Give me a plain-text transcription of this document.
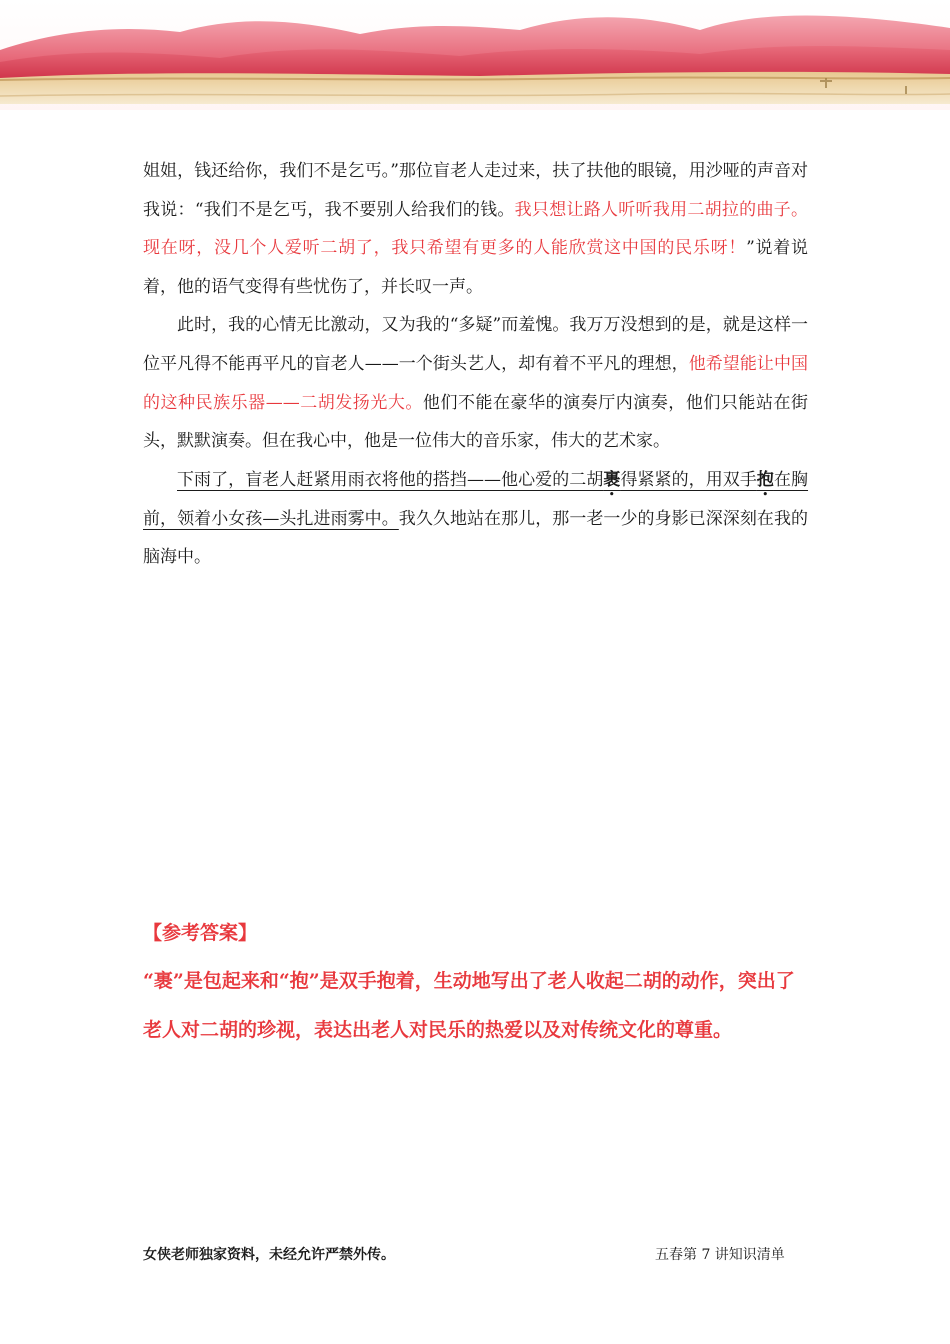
姐姐，钱还给你，我们不是乞丐。”那位盲老人走过来，扶了扶他的眼镜，用沙哑的声音对我说：“我们不是乞丐，我不要别人给我们的钱。我只想让路人听听我用二胡拉的曲子。现在呀，没几个人爱听二胡了，我只希望有更多的人能欣赏这中国的民乐呀！”说着说着，他的语气变得有些忧伤了，并长叹一声。

此时，我的心情无比激动，又为我的“多疑”而羞愧。我万万没想到的是，就是这样一位平凡得不能再平凡的盲老人——一个街头艺人，却有着不平凡的理想，他希望能让中国的这种民族乐器——二胡发扬光大。他们不能在豪华的演奏厅内演奏，他们只能站在街头，默默演奏。但在我心中，他是一位伟大的音乐家，伟大的艺术家。

下雨了，盲老人赶紧用雨衣将他的搭挡——他心爱的二胡裹得紧紧的，用双手抱在胸前，领着小女孩—头扎进雨雾中。我久久地站在那儿，那一老一少的身影已深深刻在我的脑海中。

【参考答案】

“裹”是包起来和“抱”是双手抱着，生动地写出了老人收起二胡的动作，突出了老人对二胡的珍视，表达出老人对民乐的热爱以及对传统文化的尊重。

女侠老师独家资料，未经允许严禁外传。	五春第 7 讲知识清单
